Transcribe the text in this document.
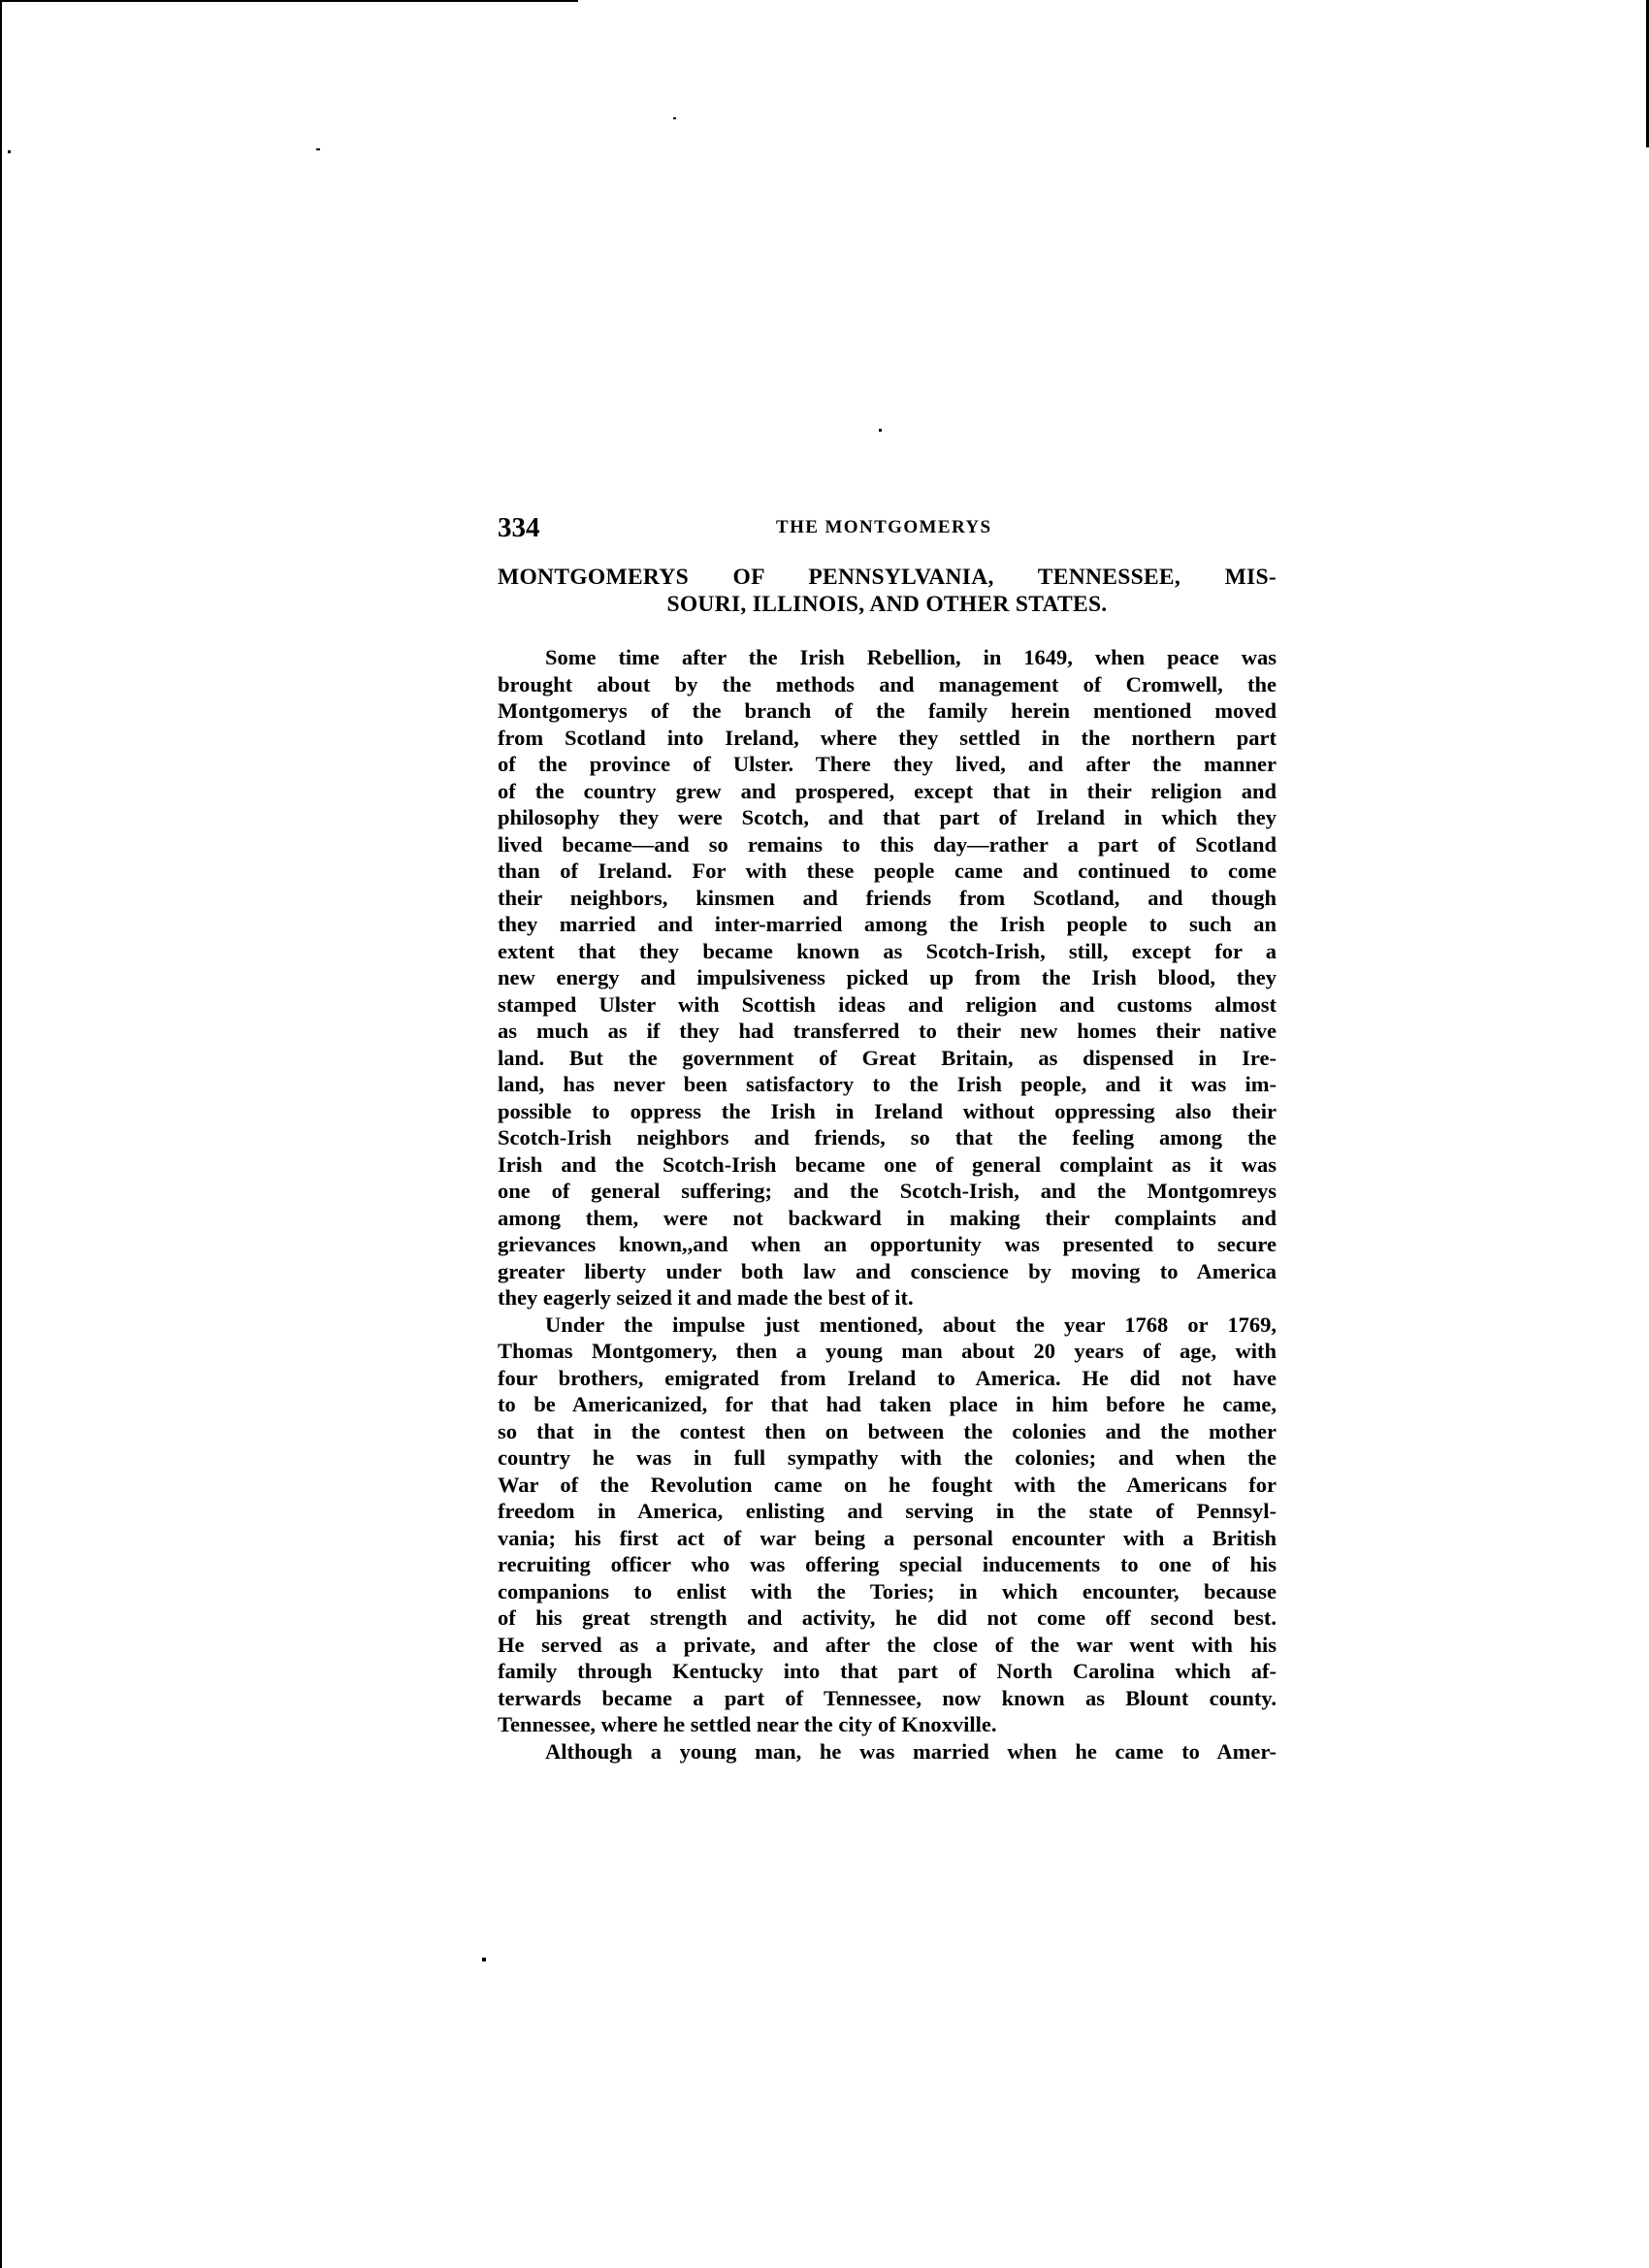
334	THE MONTGOMERYS
MONTGOMERYS OF PENNSYLVANIA, TENNESSEE, MIS-
SOURI, ILLINOIS, AND OTHER STATES.
Some time after the Irish Rebellion, in 1649, when peace was
brought about by the methods and management of Cromwell, the
Montgomerys of the branch of the family herein mentioned moved
from Scotland into Ireland, where they settled in the northern part
of the province of Ulster. There they lived, and after the manner
of the country grew and prospered, except that in their religion and
philosophy they were Scotch, and that part of Ireland in which they
lived became—and so remains to this day—rather a part of Scotland
than of Ireland. For with these people came and continued to come
their neighbors, kinsmen and friends from Scotland, and though
they married and inter-married among the Irish people to such an
extent that they became known as Scotch-Irish, still, except for a
new energy and impulsiveness picked up from the Irish blood, they
stamped Ulster with Scottish ideas and religion and customs almost
as much as if they had transferred to their new homes their native
land. But the government of Great Britain, as dispensed in Ire-
land, has never been satisfactory to the Irish people, and it was im-
possible to oppress the Irish in Ireland without oppressing also their
Scotch-Irish neighbors and friends, so that the feeling among the
Irish and the Scotch-Irish became one of general complaint as it was
one of general suffering; and the Scotch-Irish, and the Montgomreys
among them, were not backward in making their complaints and
grievances known,,and when an opportunity was presented to secure
greater liberty under both law and conscience by moving to America
they eagerly seized it and made the best of it.
Under the impulse just mentioned, about the year 1768 or 1769,
Thomas Montgomery, then a young man about 20 years of age, with
four brothers, emigrated from Ireland to America. He did not have
to be Americanized, for that had taken place in him before he came,
so that in the contest then on between the colonies and the mother
country he was in full sympathy with the colonies; and when the
War of the Revolution came on he fought with the Americans for
freedom in America, enlisting and serving in the state of Pennsyl-
vania; his first act of war being a personal encounter with a British
recruiting officer who was offering special inducements to one of his
companions to enlist with the Tories; in which encounter, because
of his great strength and activity, he did not come off second best.
He served as a private, and after the close of the war went with his
family through Kentucky into that part of North Carolina which af-
terwards became a part of Tennessee, now known as Blount county.
Tennessee, where he settled near the city of Knoxville.
Although a young man, he was married when he came to Amer-
